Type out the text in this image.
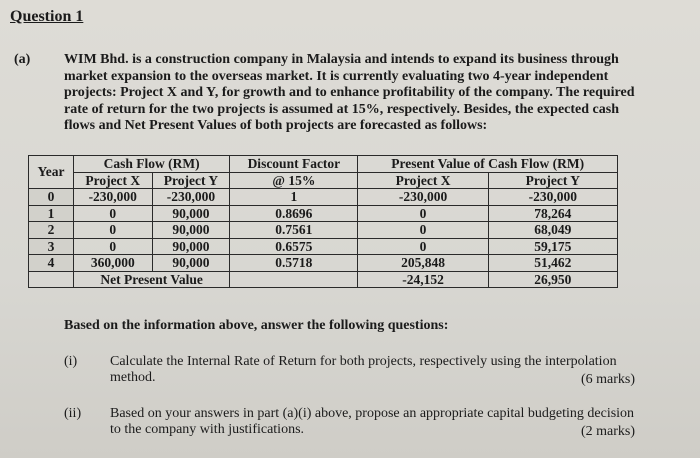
Question 1
(a) WIM Bhd. is a construction company in Malaysia and intends to expand its business through market expansion to the overseas market. It is currently evaluating two 4-year independent projects: Project X and Y, for growth and to enhance profitability of the company. The required rate of return for the two projects is assumed at 15%, respectively. Besides, the expected cash flows and Net Present Values of both projects are forecasted as follows:
Year	Cash Flow (RM)		Discount Factor	Present Value of Cash Flow (RM)	
	Project X	Project Y	@ 15%	Project X	Project Y
0	-230,000	-230,000	1	-230,000	-230,000
1	0	90,000	0.8696	0	78,264
2	0	90,000	0.7561	0	68,049
3	0	90,000	0.6575	0	59,175
4	360,000	90,000	0.5718	205,848	51,462
	Net Present Value			-24,152	26,950
Based on the information above, answer the following questions:
(i) Calculate the Internal Rate of Return for both projects, respectively using the interpolation method.	(6 marks)
(ii) Based on your answers in part (a)(i) above, propose an appropriate capital budgeting decision to the company with justifications.	(2 marks)
